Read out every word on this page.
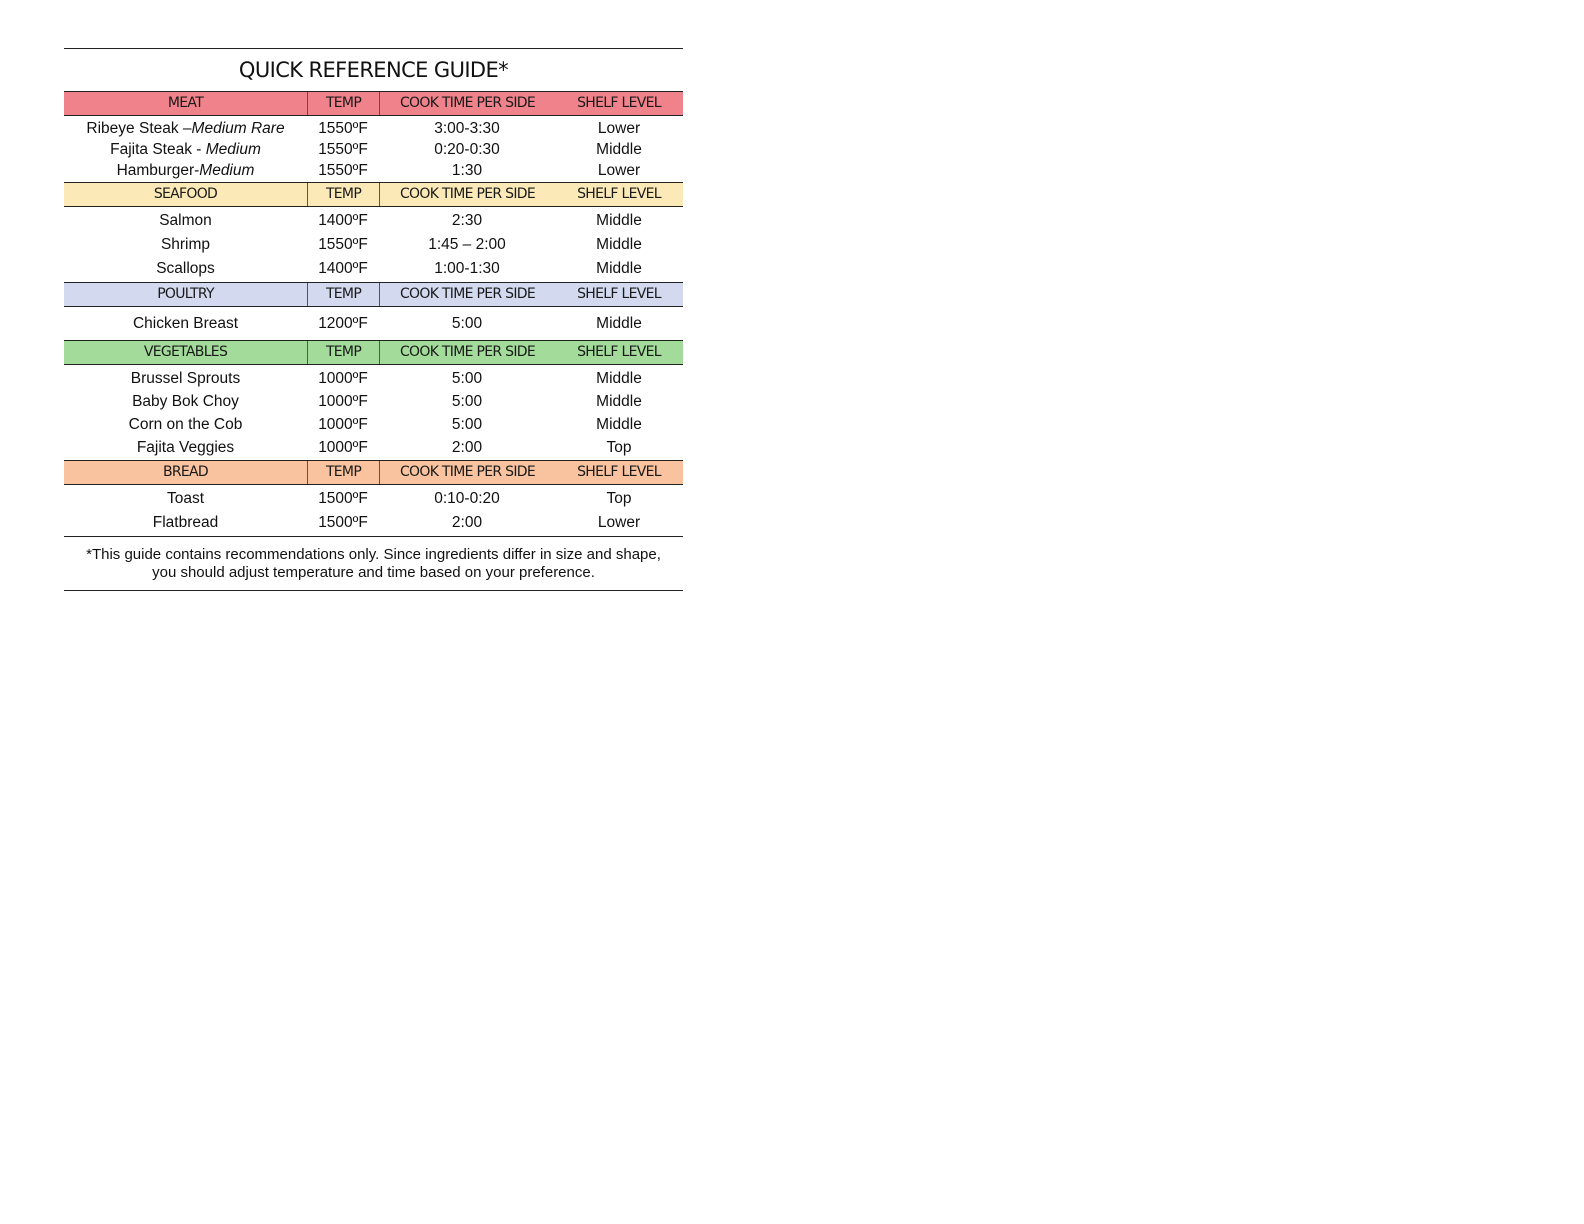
QUICK REFERENCE GUIDE*
MEAT	TEMP	COOK TIME PER SIDE	SHELF LEVEL
Ribeye Steak –Medium Rare	1550ºF	3:00-3:30	Lower
Fajita Steak - Medium	1550ºF	0:20-0:30	Middle
Hamburger-Medium	1550ºF	1:30	Lower
SEAFOOD	TEMP	COOK TIME PER SIDE	SHELF LEVEL
Salmon	1400ºF	2:30	Middle
Shrimp	1550ºF	1:45 – 2:00	Middle
Scallops	1400ºF	1:00-1:30	Middle
POULTRY	TEMP	COOK TIME PER SIDE	SHELF LEVEL
Chicken Breast	1200ºF	5:00	Middle
VEGETABLES	TEMP	COOK TIME PER SIDE	SHELF LEVEL
Brussel Sprouts	1000ºF	5:00	Middle
Baby Bok Choy	1000ºF	5:00	Middle
Corn on the Cob	1000ºF	5:00	Middle
Fajita Veggies	1000ºF	2:00	Top
BREAD	TEMP	COOK TIME PER SIDE	SHELF LEVEL
Toast	1500ºF	0:10-0:20	Top
Flatbread	1500ºF	2:00	Lower
*This guide contains recommendations only. Since ingredients differ in size and shape, you should adjust temperature and time based on your preference.
